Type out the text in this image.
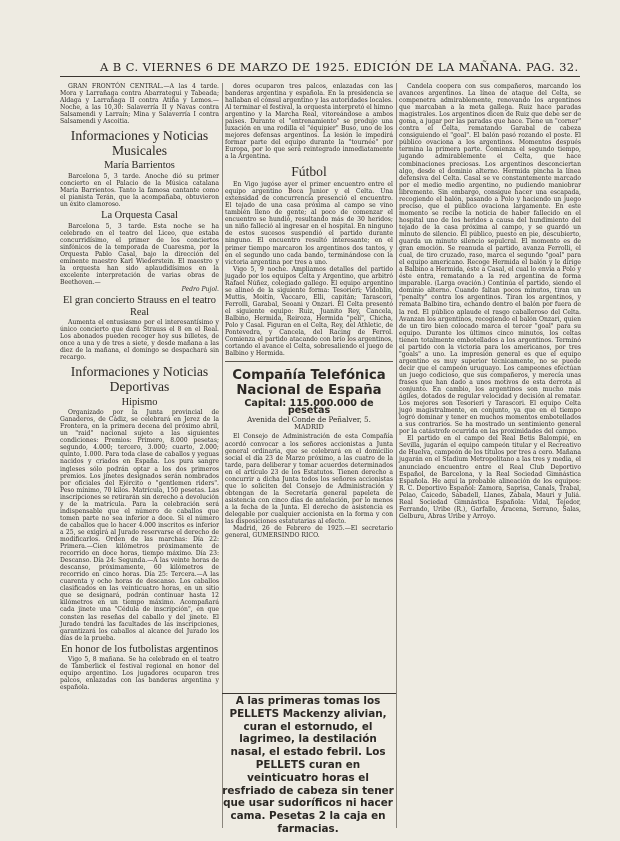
A B C. VIERNES 6 DE MARZO DE 1925. EDICIÓN DE LA MAÑANA. PAG. 32.

GRAN FRONTÓN CENTRAL.—A las 4 tarde. Mora y Larrañaga contra Abarrategui y Tabeada; Aldaga y Larrañaga II contra Atiña y Lemos.—Noche, a las 10,30: Salaverría II y Navas contra Salsamendi y Larraín; Mina y Salaverría I contra Salsamendi y Ascoitia.

Informaciones y Noticias Musicales
María Barrientos

Barcelona 5, 3 tarde. Anoche dió su primer concierto en el Palacio de la Música catalana María Barrientos. Tanto la famosa cantante como el pianista Terán, que la acompañaba, obtuvieron un éxito clamoroso.

La Orquesta Casal

Barcelona 5, 3 tarde. Esta noche se ha celebrado en el teatro del Liceo, que estaba concurridísimo, el primer de los conciertos sinfónicos de la temporada de Cuaresma, por la Orquesta Pablo Casal, bajo la dirección del eminente maestro Karl Wiederstein. El maestro y la orquesta han sido aplaudidísimos en la excelente interpretación de varias obras de Beethoven.—

Pedro Pujol.
El gran concierto Strauss en el teatro Real

Aumenta el entusiasmo por el interesantísimo y único concierto que dará Strauss el 8 en el Real. Los abonados pueden recoger hoy sus billetes, de once a una y de tres a siete, y desde mañana a las diez de la mañana, el domingo se despachará sin recargo.

Informaciones y Noticias Deportivas
Hipismo

Organizado por la Junta provincial de Ganaderos, de Cádiz, se celebrará en Jerez de la Frontera, en la primera decena del próximo abril, un "raid" nacional sujeto a las siguientes condiciones: Premios: Primero, 8.000 pesetas; segundo, 4.000; tercero, 3.000; cuarto, 2.000; quinto, 1.000. Para toda clase de caballos y yeguas nacidos y criados en España. Los pura sangre ingleses sólo podrán optar a los dos primeros premios. Los jinetes designados serán nombrados por oficiales del Ejército o "gentlemen riders". Peso mínimo, 70 kilos. Matrícula, 150 pesetas. Las inscripciones se retirarán sin derecho a devolución y de la matrícula. Para la celebración será indispensable que el número de caballos que tomen parte no sea inferior a doce. Si el número de caballos que lo hacer 4.000 inscritos es inferior a 25, se exigirá al Jurado reservarse el derecho de modificarlos. Orden de las marchas: Día 22: Primera.—Cien kilómetros próximamente de recorrido en doce horas, tiempo máximo. Día 23: Descanso. Día 24: Segunda.—A las veinte horas de descanso, próximamente, 60 kilómetros de recorrido en cinco horas. Día 25: Tercera.—A las cuarenta y ocho horas de descanso. Los caballos clasificados en las veinticuatro horas, en un sitio que se designará, podrán continuar hasta 12 kilómetros en un tiempo máximo. Acompañará cada jinete una "Cédula de inscripción", en que consten las reseñas del caballo y del jinete. El Jurado tendrá las facultades de las inscripciones, garantizará los caballos al alcance del Jurado los días de la prueba.

En honor de los futbolistas argentinos

Vigo 5, 8 mañana. Se ha celebrado en el teatro de Tamberlick el festival regional en honor del equipo argentino. Los jugadores ocuparon tres palcos, enlazadas con las banderas argentina y española.

dores ocuparon tres palcos, enlazadas con las banderas argentina y española. En la presidencia se hallaban el cónsul argentino y las autoridades locales. Al terminar el festival, la orquesta interpretó el himno argentino y la Marcha Real, vitoreándose a ambos países. Durante el "entrenamiento" se produjo una luxación en una rodilla el "équipier" Buso, uno de los mejores defensas argentinos. La lesión le impedirá formar parte del equipo durante la "tournée" por Europa, por lo que será reintegrado inmediatamente a la Argentina.

Fútbol

En Vigo jugóse ayer el primer encuentro entre el equipo argentino Boca Junior y el Celta. Una extensidad de concurrencia presenció el encuentro. El tejado de una casa próxima al campo se vino también lleno de gente; al poco de comenzar el encuentro se hundió, resultando más de 30 heridos; un niño falleció al ingresar en el hospital. En ninguno de estos sucesos suspendió el partido durante ninguno. El encuentro resultó interesante; en el primer tiempo marcaron los argentinos dos tantos, y en el segundo uno cada bando, terminándose con la victoria argentina por tres a uno.

Vigo 5, 9 noche. Ampliamos detalles del partido jugado por los equipos Celta y Argentino, que arbitró Rafael Núñez, colegiado gallego. El equipo argentino se alineó de la siguiente forma: Tesorieri; Vidoblin, Muttis, Moitín, Vaccaro, Elli, capitán; Tarascori, Ferrolli, Garabal, Seoani y Onzari. El Celta presentó el siguiente equipo: Ruiz, Juanito Rey, Cancela, Balbino, Hermida, Reiroza, Hermida "pelí", Chicha, Polo y Casal. Figuran en el Celta, Rey, del Athletic, de Pontevedra, y Cancela, del Racing de Ferrol. Comienza el partido atacando con brío los argentinos, cortando el avance el Celta, sobresaliendo el juego de Balbino y Hermida.

Compañía Telefónica Nacional de España
Capital: 115.000.000 de pesetas
Avenida del Conde de Peñalver, 5.
MADRID

El Consejo de Administración de esta Compañía acordó convocar a los señores accionistas a Junta general ordinaria, que se celebrará en el domicilio social el día 23 de Marzo próximo, a las cuatro de la tarde, para deliberar y tomar acuerdos determinados en el artículo 23 de los Estatutos. Tienen derecho a concurrir a dicha Junta todos los señores accionistas que lo soliciten del Consejo de Administración y obtengan de la Secretaría general papeleta de asistencia con cinco días de antelación, por lo menos a la fecha de la Junta. El derecho de asistencia es delegable por cualquier accionista en la forma y con las disposiciones estatutarias al efecto.

Madrid, 26 de Febrero de 1925.—El secretario general, GUMERSINDO RICO.

A las primeras tomas los PELLETS Mackenzy alivian, curan el estornudo, el lagrimeo, la destilación nasal, el estado febril. Los PELLETS curan en veinticuatro horas el resfriado de cabeza sin tener que usar sudoríficos ni hacer cama. Pesetas 2 la caja en farmacias.

Candela coopera con sus compañeros, marcando los avances argentinos. La línea de ataque del Celta, se compenetra admirablemente, renovando los argentinos que marcaban a la meta gallega. Ruiz hace paradas magistrales. Los argentinos dicen de Ruiz que debe ser de goma, a jugar por las paradas que hace. Tiene un "corner" contra el Celta, rematando Garabal de cabeza consiguiendo el "goal". El balón pasó rozando el poste. El público ovaciona a los argentinos. Momentos después termina la primera parte. Comienza el segundo tiempo, jugando admirablemente el Celta, que hace combinaciones preciosas. Los argentinos desconciertan algo, desde el dominio alterno. Hermida pincha la línea defensiva del Celta. Casal se ve constantemente marcado por el medio medio argentino, no pudiendo maniobrar libremente. Sin embargo, consigue hacer una escapada, recogiendo el balón, pasando a Polo y haciendo un juego preciso, que el público ovaciona largamente. En este momento se recibe la noticia de haber fallecido en el hospital uno de los heridos a causa del hundimiento del tejado de la casa próxima al campo, y se guardó un minuto de silencio. El público, puesto en pie, descubierto, guarda un minuto silencio sepulcral. El momento es de gran emoción. Se reanuda el partido, avanza Ferrolli, el cual, de tiro cruzado, raso, marca el segundo "goal" para el equipo americano. Recoge Hermida el balón y le dirige a Balbino a Hermida, éste a Casal, el cual lo envía a Polo y éste entra, rematando a la red argentina de forma imparable. (Larga ovación.) Continúa el partido, siendo el dominio alterno. Cuando faltan pocos minutos, tiran un "penalty" contra los argentinos. Tiran los argentinos, y remata Balbino tira, echando dentro el balón por fuera de la red. El público aplaude el rasgo caballeroso del Celta. Avanzan los argentinos, recogiendo el balón Onzari, quien de un tiro bien colocado marca el tercer "goal" para su equipo. Durante los últimos cinco minutos, los celtas tienen totalmente embotellados a los argentinos. Terminó el partido con la victoria para los americanos, por tres "goals" a uno. La impresión general es que el equipo argentino es muy superior técnicamente, no se puede decir que el campeón uruguayo. Los campeones efectúan un juego codicioso, que sus compañeros, y merecía unas frases que han dado a unos motivos de esta derrota al conjunto. En cambio, los argentinos son mucho más ágiles, dotados de regular velocidad y decisión al rematar. Los mejores son Tesorieri y Tarascori. El equipo Celta jugó magistralmente, en conjunto, ya que en el tiempo logró dominar y tener en muchos momentos embotellados a sus contrarios. Se ha mostrado un sentimiento general por la catástrofe ocurrida en las proximidades del campo.

El partido en el campo del Real Betis Balompié, en Sevilla, jugarán el equipo campeón titular y el Recreativo de Huelva, campeón de los títulos por tres a cero. Mañana jugarán en el Stadium Metropolitano a las tres y media, el anunciado encuentro entre el Real Club Deportivo Español, de Barcelona, y la Real Sociedad Gimnástica Española. He aquí la probable alineación de los equipos: R. C. Deportivo Español: Zamora, Saprisa, Canals, Trabal, Pelao, Caicedo, Sabadell, Llanes, Zabala, Mauri y Juliá. Real Sociedad Gimnástica Española: Vidal, Tejedor, Ferrando, Uribe (R.), Garfallo, Aracena, Serrano, Salas, Gelburu, Abras Uribe y Arroyo.
